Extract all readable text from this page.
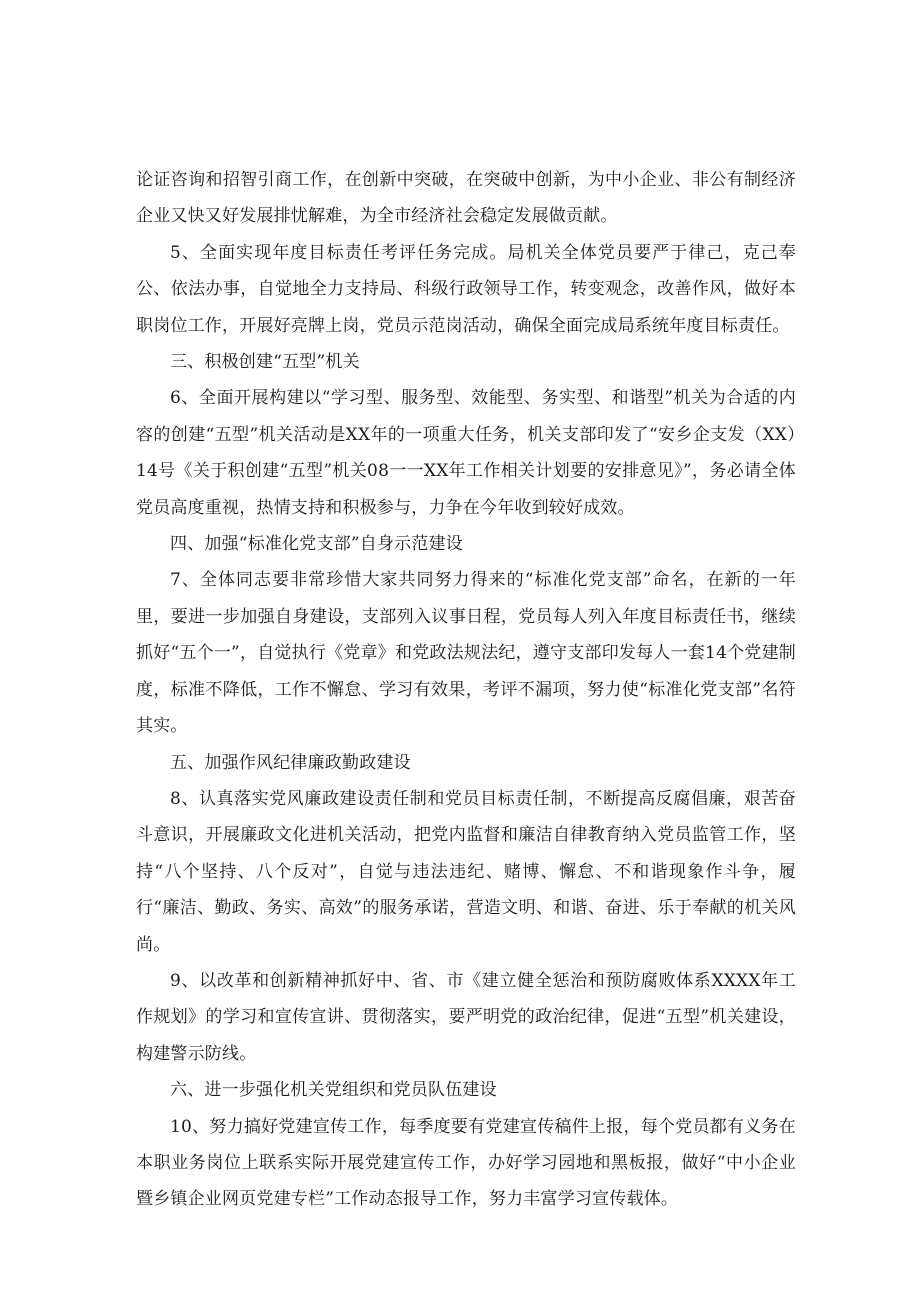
论证咨询和招智引商工作，在创新中突破，在突破中创新，为中小企业、非公有制经济企业又快又好发展排忧解难，为全市经济社会稳定发展做贡献。

5、全面实现年度目标责任考评任务完成。局机关全体党员要严于律己，克己奉公、依法办事，自觉地全力支持局、科级行政领导工作，转变观念，改善作风，做好本职岗位工作，开展好亮牌上岗，党员示范岗活动，确保全面完成局系统年度目标责任。

三、积极创建“五型”机关

6、全面开展构建以“学习型、服务型、效能型、务实型、和谐型”机关为合适的内容的创建“五型”机关活动是XX年的一项重大任务，机关支部印发了“安乡企支发（XX）14号《关于积创建“五型”机关08一一XX年工作相关计划要的安排意见》”，务必请全体党员高度重视，热情支持和积极参与，力争在今年收到较好成效。

四、加强“标准化党支部”自身示范建设

7、全体同志要非常珍惜大家共同努力得来的“标准化党支部”命名，在新的一年里，要进一步加强自身建设，支部列入议事日程，党员每人列入年度目标责任书，继续抓好“五个一”，自觉执行《党章》和党政法规法纪，遵守支部印发每人一套14个党建制度，标准不降低，工作不懈怠、学习有效果，考评不漏项，努力使“标准化党支部”名符其实。

五、加强作风纪律廉政勤政建设

8、认真落实党风廉政建设责任制和党员目标责任制，不断提高反腐倡廉，艰苦奋斗意识，开展廉政文化进机关活动，把党内监督和廉洁自律教育纳入党员监管工作，坚持“八个坚持、八个反对”，自觉与违法违纪、赌博、懈怠、不和谐现象作斗争，履行“廉洁、勤政、务实、高效”的服务承诺，营造文明、和谐、奋进、乐于奉献的机关风尚。

9、以改革和创新精神抓好中、省、市《建立健全惩治和预防腐败体系XXXX年工作规划》的学习和宣传宣讲、贯彻落实，要严明党的政治纪律，促进“五型”机关建设，构建警示防线。

六、进一步强化机关党组织和党员队伍建设

10、努力搞好党建宣传工作，每季度要有党建宣传稿件上报，每个党员都有义务在本职业务岗位上联系实际开展党建宣传工作，办好学习园地和黑板报，做好“中小企业暨乡镇企业网页党建专栏”工作动态报导工作，努力丰富学习宣传载体。
